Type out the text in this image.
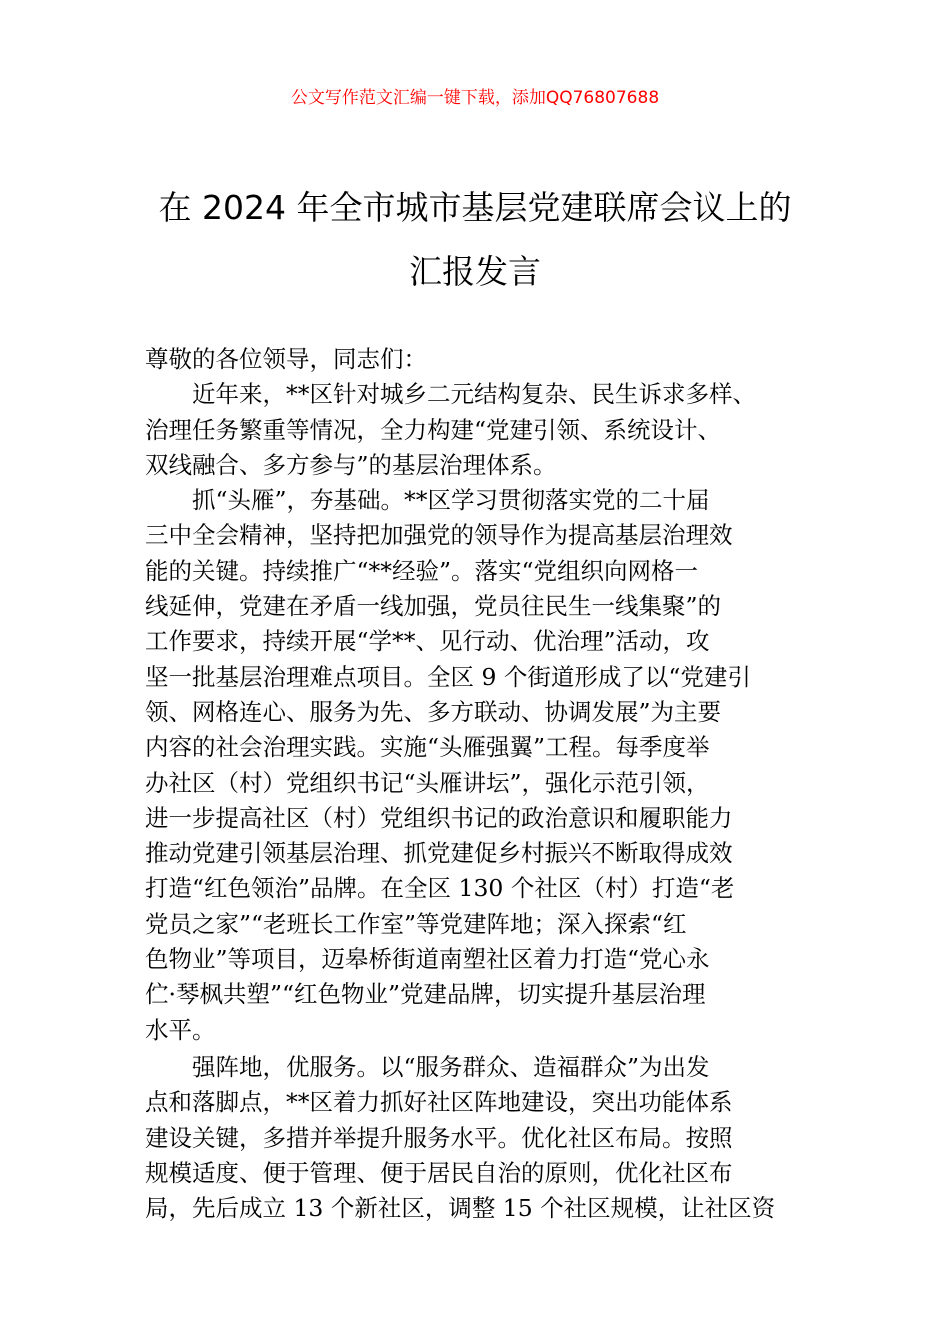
公文写作范文汇编一键下载，添加QQ76807688
在 2024 年全市城市基层党建联席会议上的
汇报发言
尊敬的各位领导，同志们：
近年来，**区针对城乡二元结构复杂、民生诉求多样、
治理任务繁重等情况，全力构建“党建引领、系统设计、
双线融合、多方参与”的基层治理体系。
抓“头雁”，夯基础。**区学习贯彻落实党的二十届
三中全会精神，坚持把加强党的领导作为提高基层治理效
能的关键。持续推广“**经验”。落实“党组织向网格一
线延伸，党建在矛盾一线加强，党员往民生一线集聚”的
工作要求，持续开展“学**、见行动、优治理”活动，攻
坚一批基层治理难点项目。全区 9 个街道形成了以“党建引
领、网格连心、服务为先、多方联动、协调发展”为主要
内容的社会治理实践。实施“头雁强翼”工程。每季度举
办社区（村）党组织书记“头雁讲坛”，强化示范引领，
进一步提高社区（村）党组织书记的政治意识和履职能力
推动党建引领基层治理、抓党建促乡村振兴不断取得成效
打造“红色领治”品牌。在全区 130 个社区（村）打造“老
党员之家”“老班长工作室”等党建阵地；深入探索“红
色物业”等项目，迈皋桥街道南塑社区着力打造“党心永
伫·琴枫共塑”“红色物业”党建品牌，切实提升基层治理
水平。
强阵地，优服务。以“服务群众、造福群众”为出发
点和落脚点，**区着力抓好社区阵地建设，突出功能体系
建设关键，多措并举提升服务水平。优化社区布局。按照
规模适度、便于管理、便于居民自治的原则，优化社区布
局，先后成立 13 个新社区，调整 15 个社区规模，让社区资
